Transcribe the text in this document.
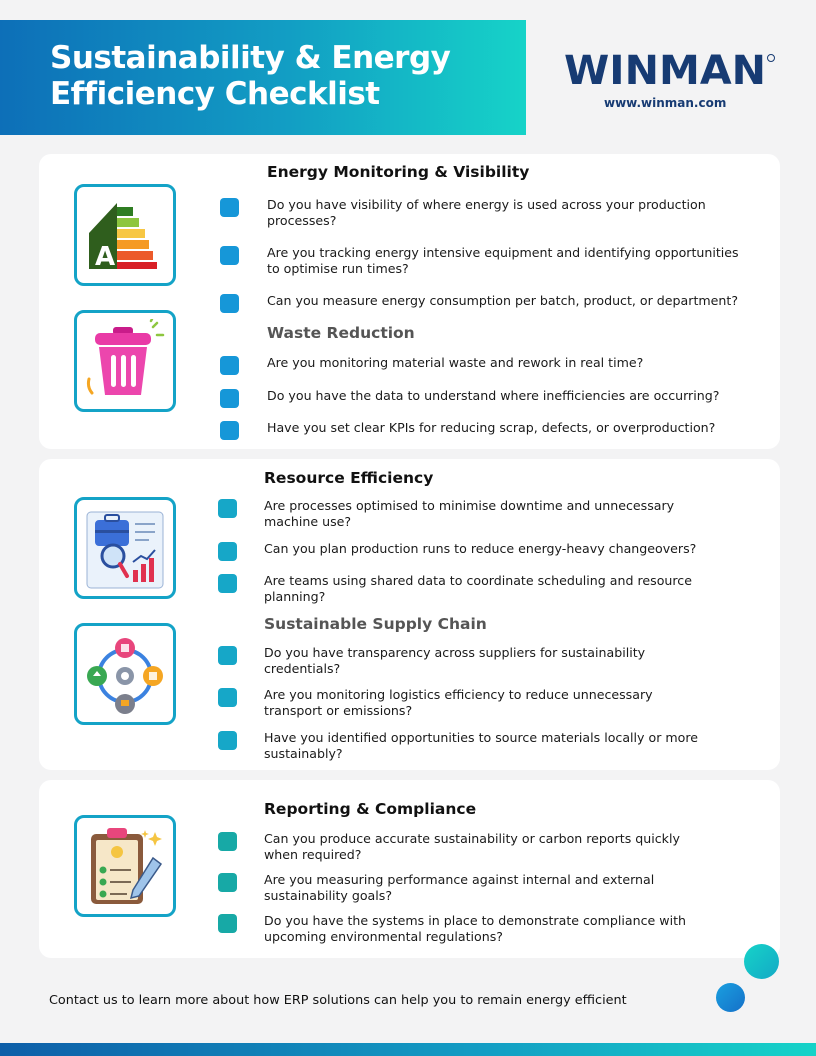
Sustainability & Energy
Efficiency Checklist	WINMAN
www.winman.com
A
Energy Monitoring & Visibility
Do you have visibility of where energy is used across your production
processes?
Are you tracking energy intensive equipment and identifying opportunities
to optimise run times?
Can you measure energy consumption per batch, product, or department?
Waste Reduction
Are you monitoring material waste and rework in real time?
Do you have the data to understand where inefficiencies are occurring?
Have you set clear KPIs for reducing scrap, defects, or overproduction?
Resource Efficiency
Are processes optimised to minimise downtime and unnecessary
machine use?
Can you plan production runs to reduce energy-heavy changeovers?
Are teams using shared data to coordinate scheduling and resource
planning?
Sustainable Supply Chain
Do you have transparency across suppliers for sustainability
credentials?
Are you monitoring logistics efficiency to reduce unnecessary
transport or emissions?
Have you identified opportunities to source materials locally or more
sustainably?
Reporting & Compliance
Can you produce accurate sustainability or carbon reports quickly
when required?
Are you measuring performance against internal and external
sustainability goals?
Do you have the systems in place to demonstrate compliance with
upcoming environmental regulations?
Contact us to learn more about how ERP solutions can help you to remain energy efficient
